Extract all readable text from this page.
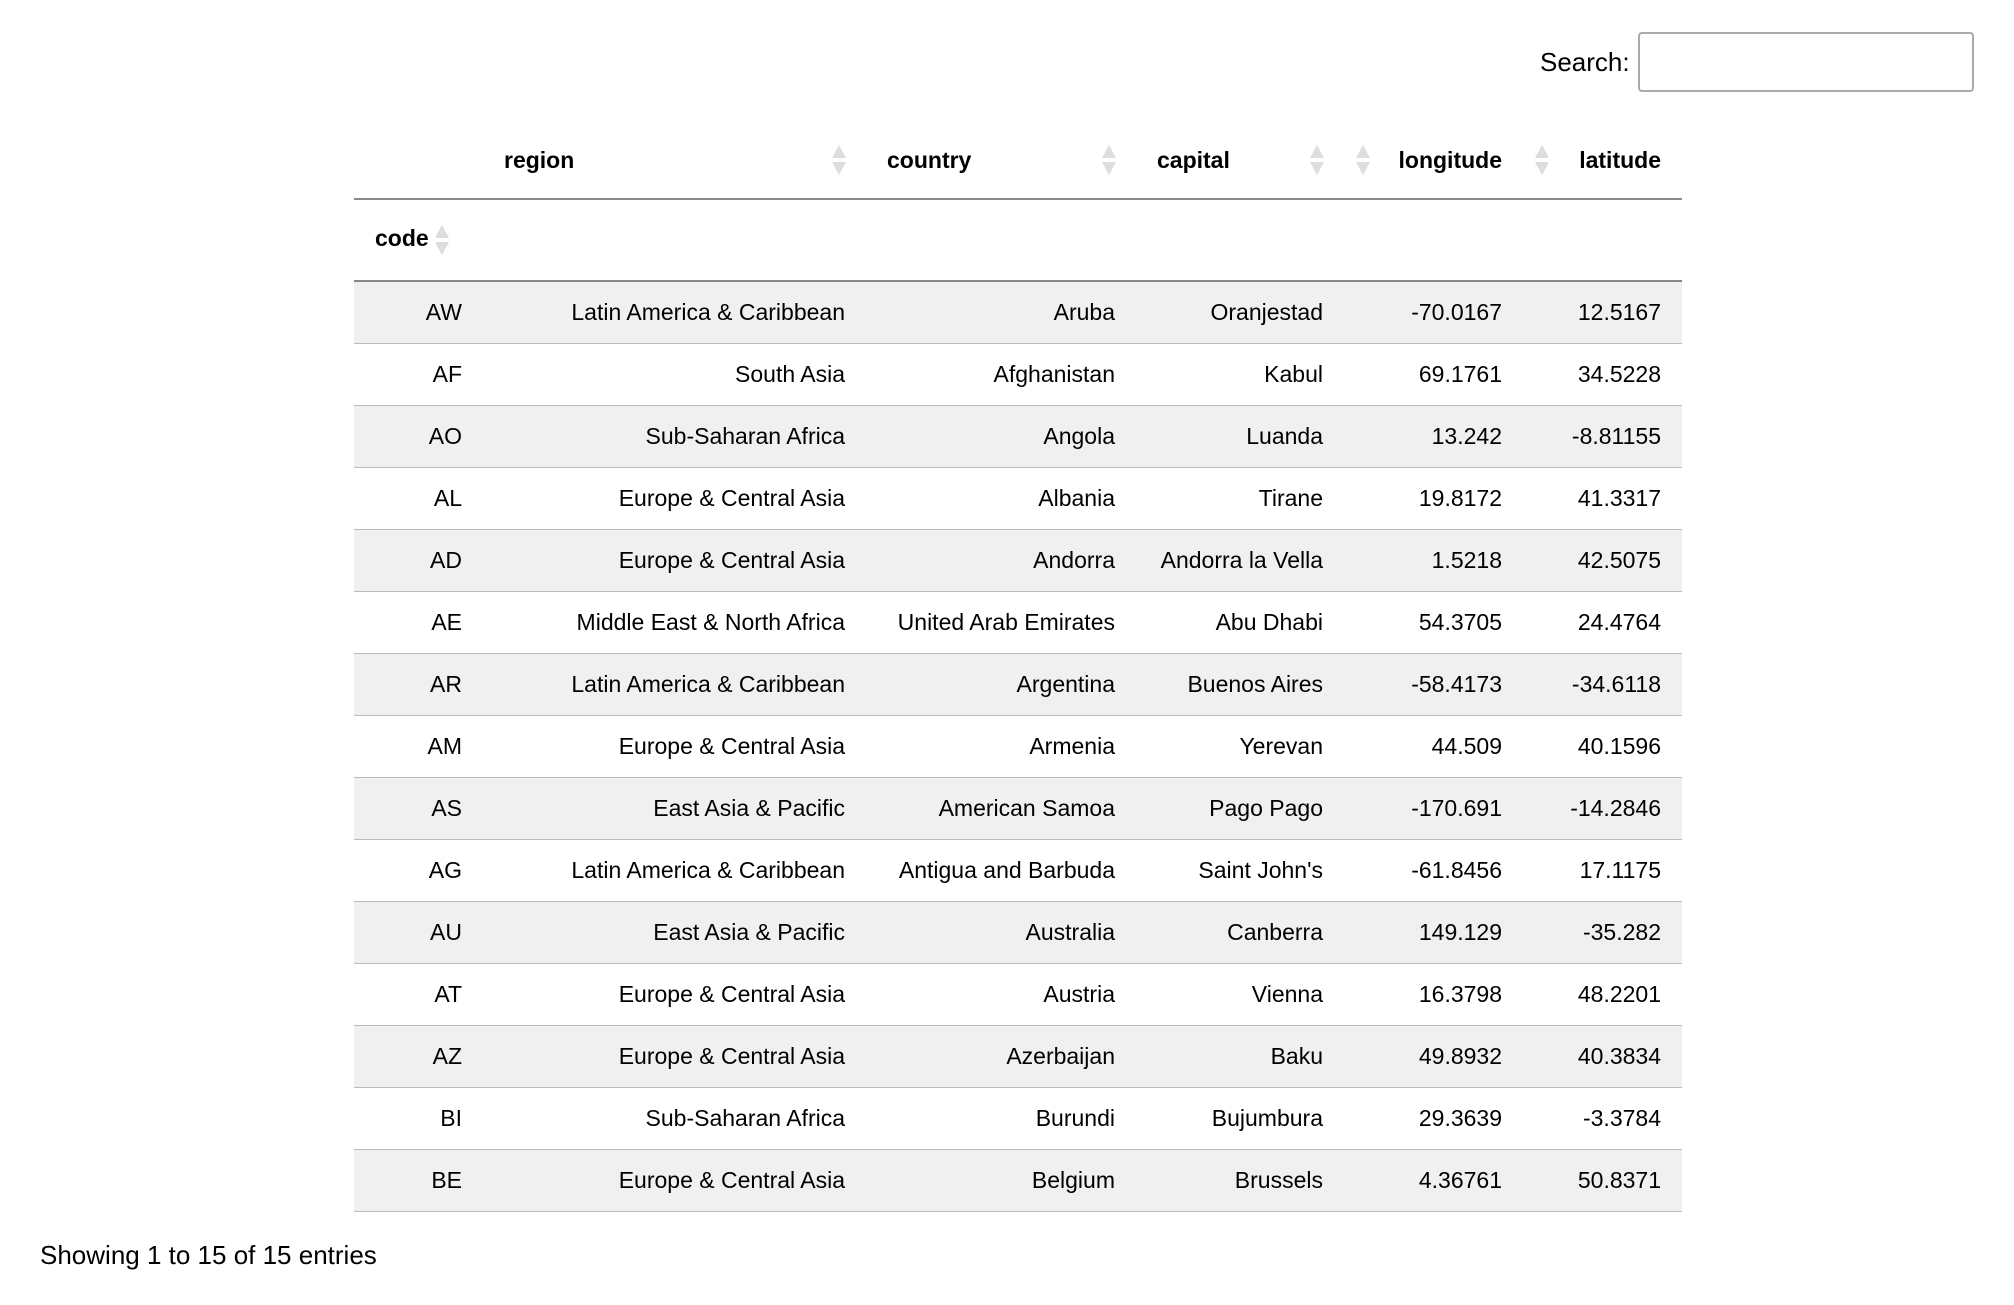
Search:
	region	country	capital	longitude	latitude
code					
AW	Latin America & Caribbean	Aruba	Oranjestad	-70.0167	12.5167
AF	South Asia	Afghanistan	Kabul	69.1761	34.5228
AO	Sub-Saharan Africa	Angola	Luanda	13.242	-8.81155
AL	Europe & Central Asia	Albania	Tirane	19.8172	41.3317
AD	Europe & Central Asia	Andorra	Andorra la Vella	1.5218	42.5075
AE	Middle East & North Africa	United Arab Emirates	Abu Dhabi	54.3705	24.4764
AR	Latin America & Caribbean	Argentina	Buenos Aires	-58.4173	-34.6118
AM	Europe & Central Asia	Armenia	Yerevan	44.509	40.1596
AS	East Asia & Pacific	American Samoa	Pago Pago	-170.691	-14.2846
AG	Latin America & Caribbean	Antigua and Barbuda	Saint John's	-61.8456	17.1175
AU	East Asia & Pacific	Australia	Canberra	149.129	-35.282
AT	Europe & Central Asia	Austria	Vienna	16.3798	48.2201
AZ	Europe & Central Asia	Azerbaijan	Baku	49.8932	40.3834
BI	Sub-Saharan Africa	Burundi	Bujumbura	29.3639	-3.3784
BE	Europe & Central Asia	Belgium	Brussels	4.36761	50.8371
Showing 1 to 15 of 15 entries
